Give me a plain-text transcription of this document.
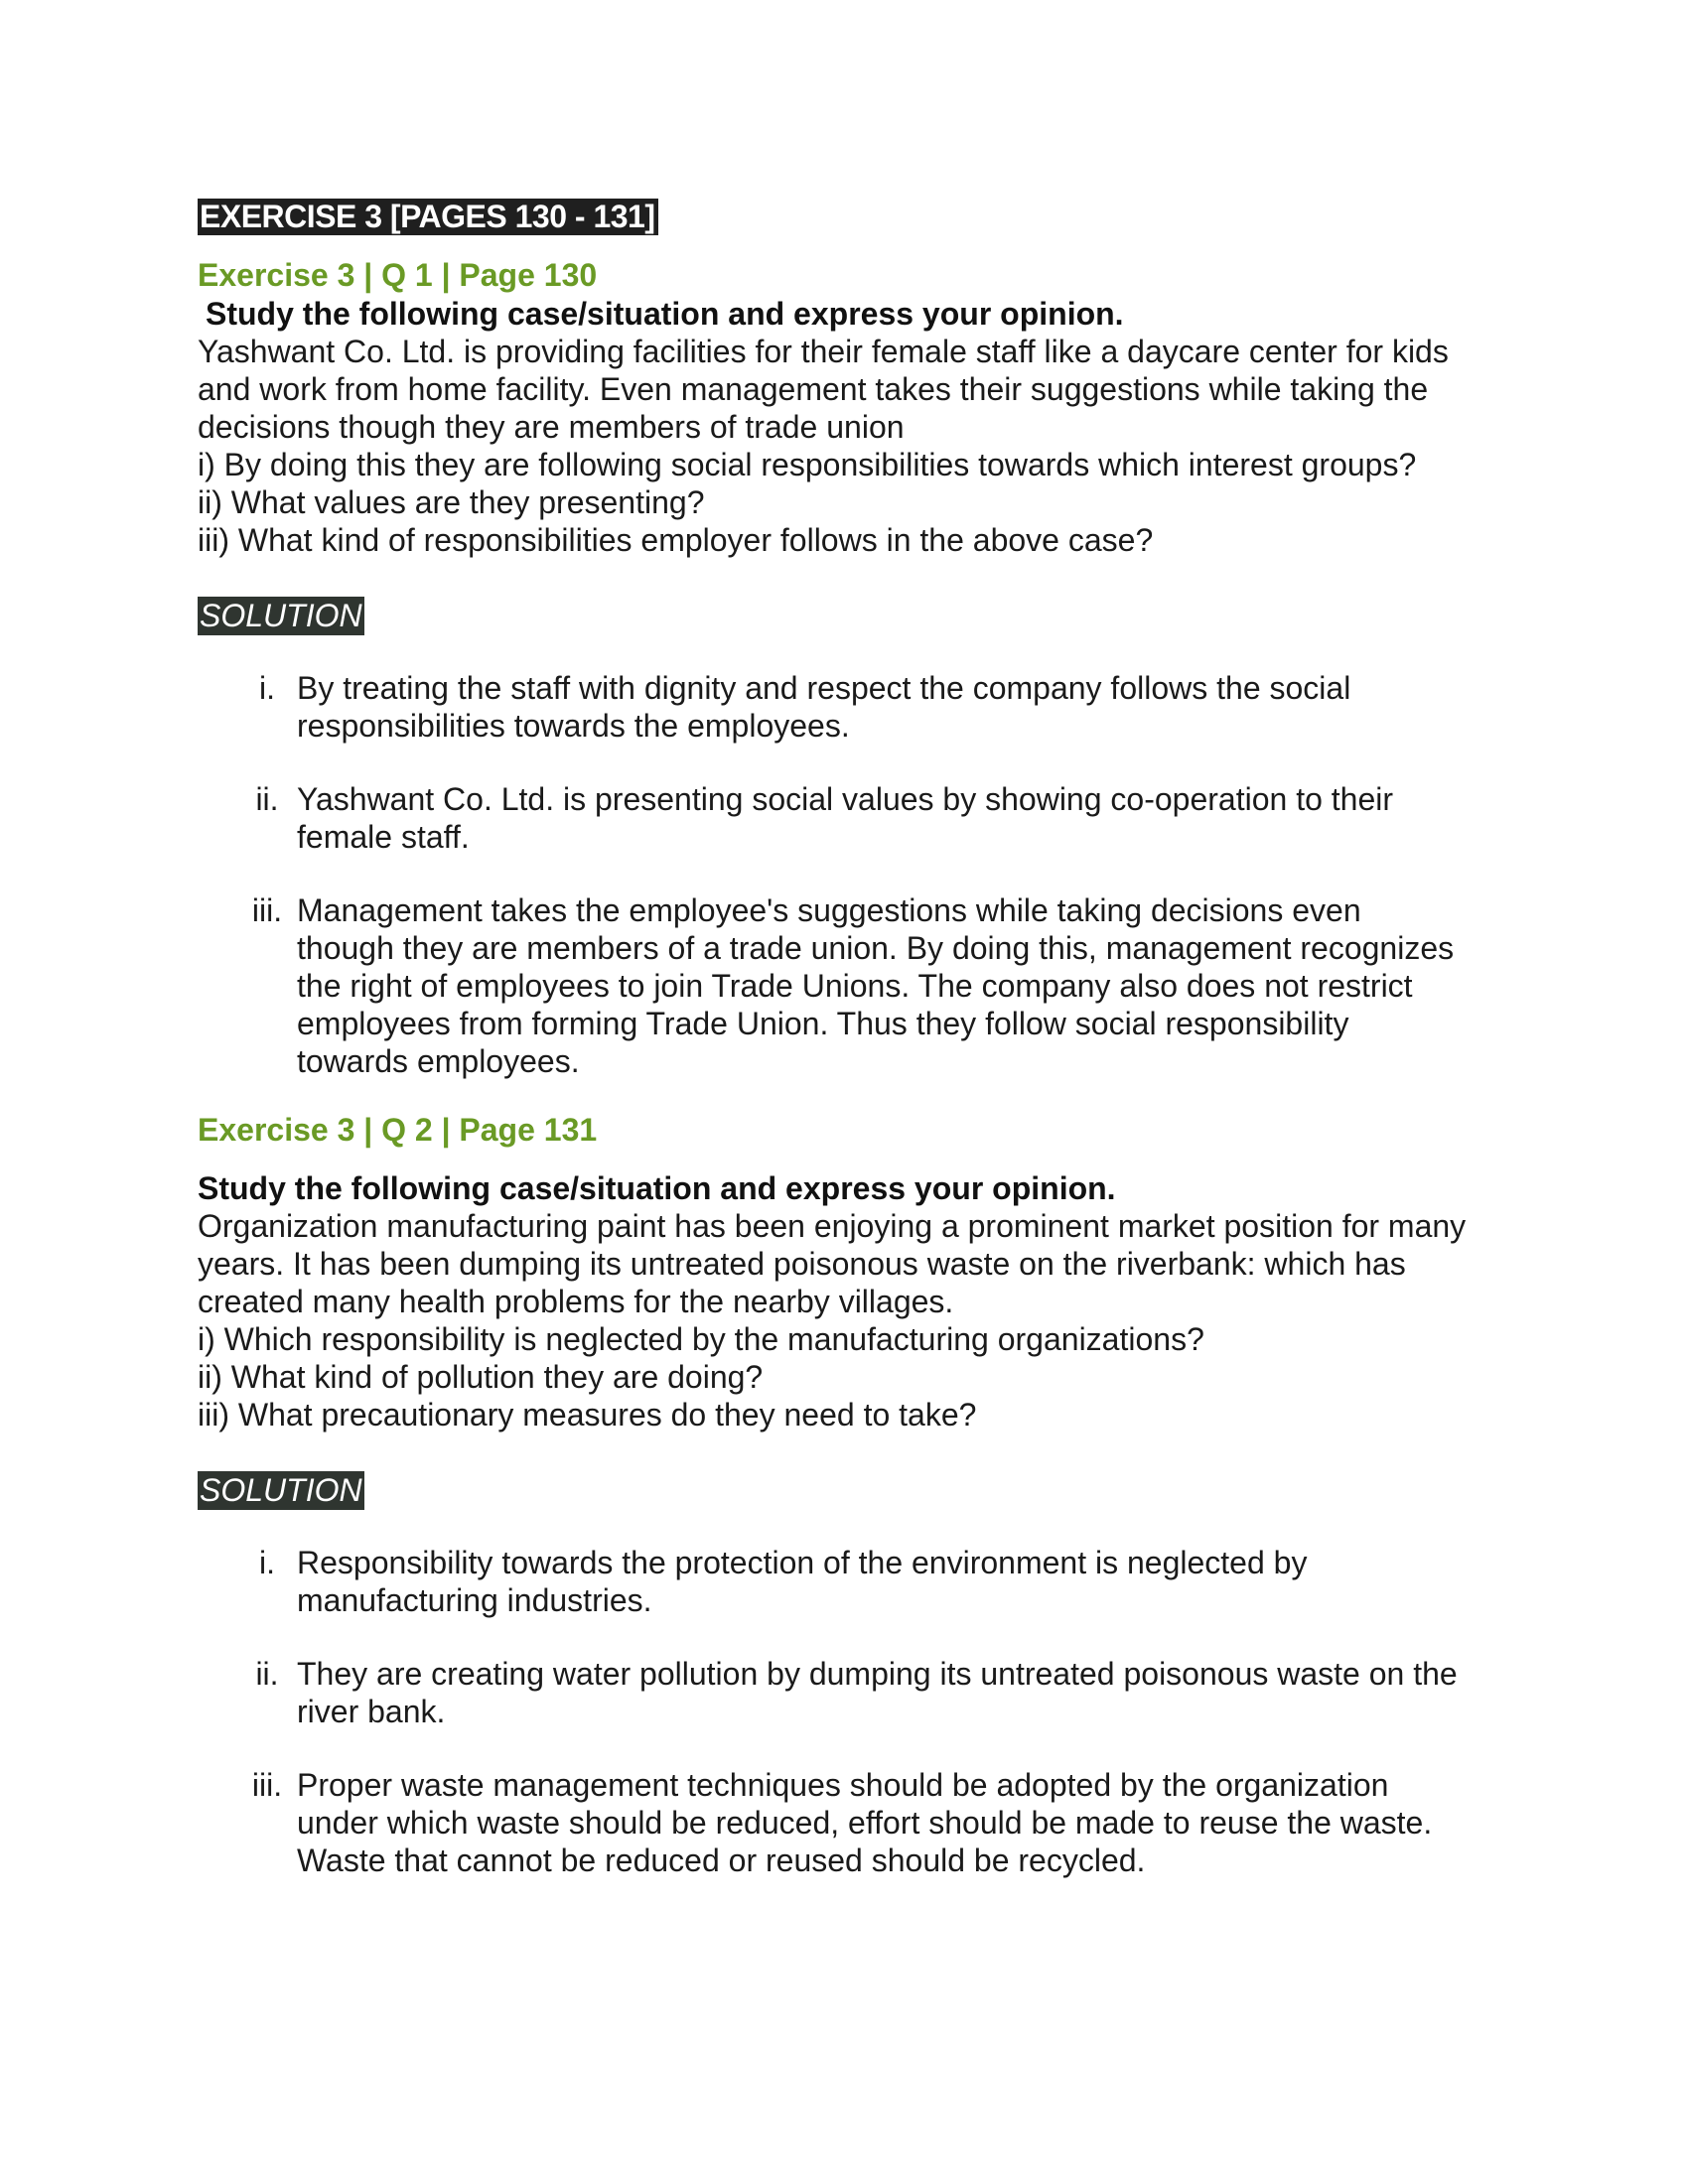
EXERCISE 3 [PAGES 130 - 131]

Exercise 3 | Q 1 | Page 130

Study the following case/situation and express your opinion.

Yashwant Co. Ltd. is providing facilities for their female staff like a daycare center for kids and work from home facility. Even management takes their suggestions while taking the decisions though they are members of trade union

i) By doing this they are following social responsibilities towards which interest groups?

ii) What values are they presenting?

iii) What kind of responsibilities employer follows in the above case?

SOLUTION
i. By treating the staff with dignity and respect the company follows the social responsibilities towards the employees.
ii. Yashwant Co. Ltd. is presenting social values by showing co-operation to their female staff.
iii. Management takes the employee's suggestions while taking decisions even though they are members of a trade union. By doing this, management recognizes the right of employees to join Trade Unions. The company also does not restrict employees from forming Trade Union. Thus they follow social responsibility towards employees.

Exercise 3 | Q 2 | Page 131

Study the following case/situation and express your opinion.

Organization manufacturing paint has been enjoying a prominent market position for many years. It has been dumping its untreated poisonous waste on the riverbank: which has created many health problems for the nearby villages.

i) Which responsibility is neglected by the manufacturing organizations?

ii) What kind of pollution they are doing?

iii) What precautionary measures do they need to take?

SOLUTION
i. Responsibility towards the protection of the environment is neglected by manufacturing industries.
ii. They are creating water pollution by dumping its untreated poisonous waste on the river bank.
iii. Proper waste management techniques should be adopted by the organization under which waste should be reduced, effort should be made to reuse the waste. Waste that cannot be reduced or reused should be recycled.
